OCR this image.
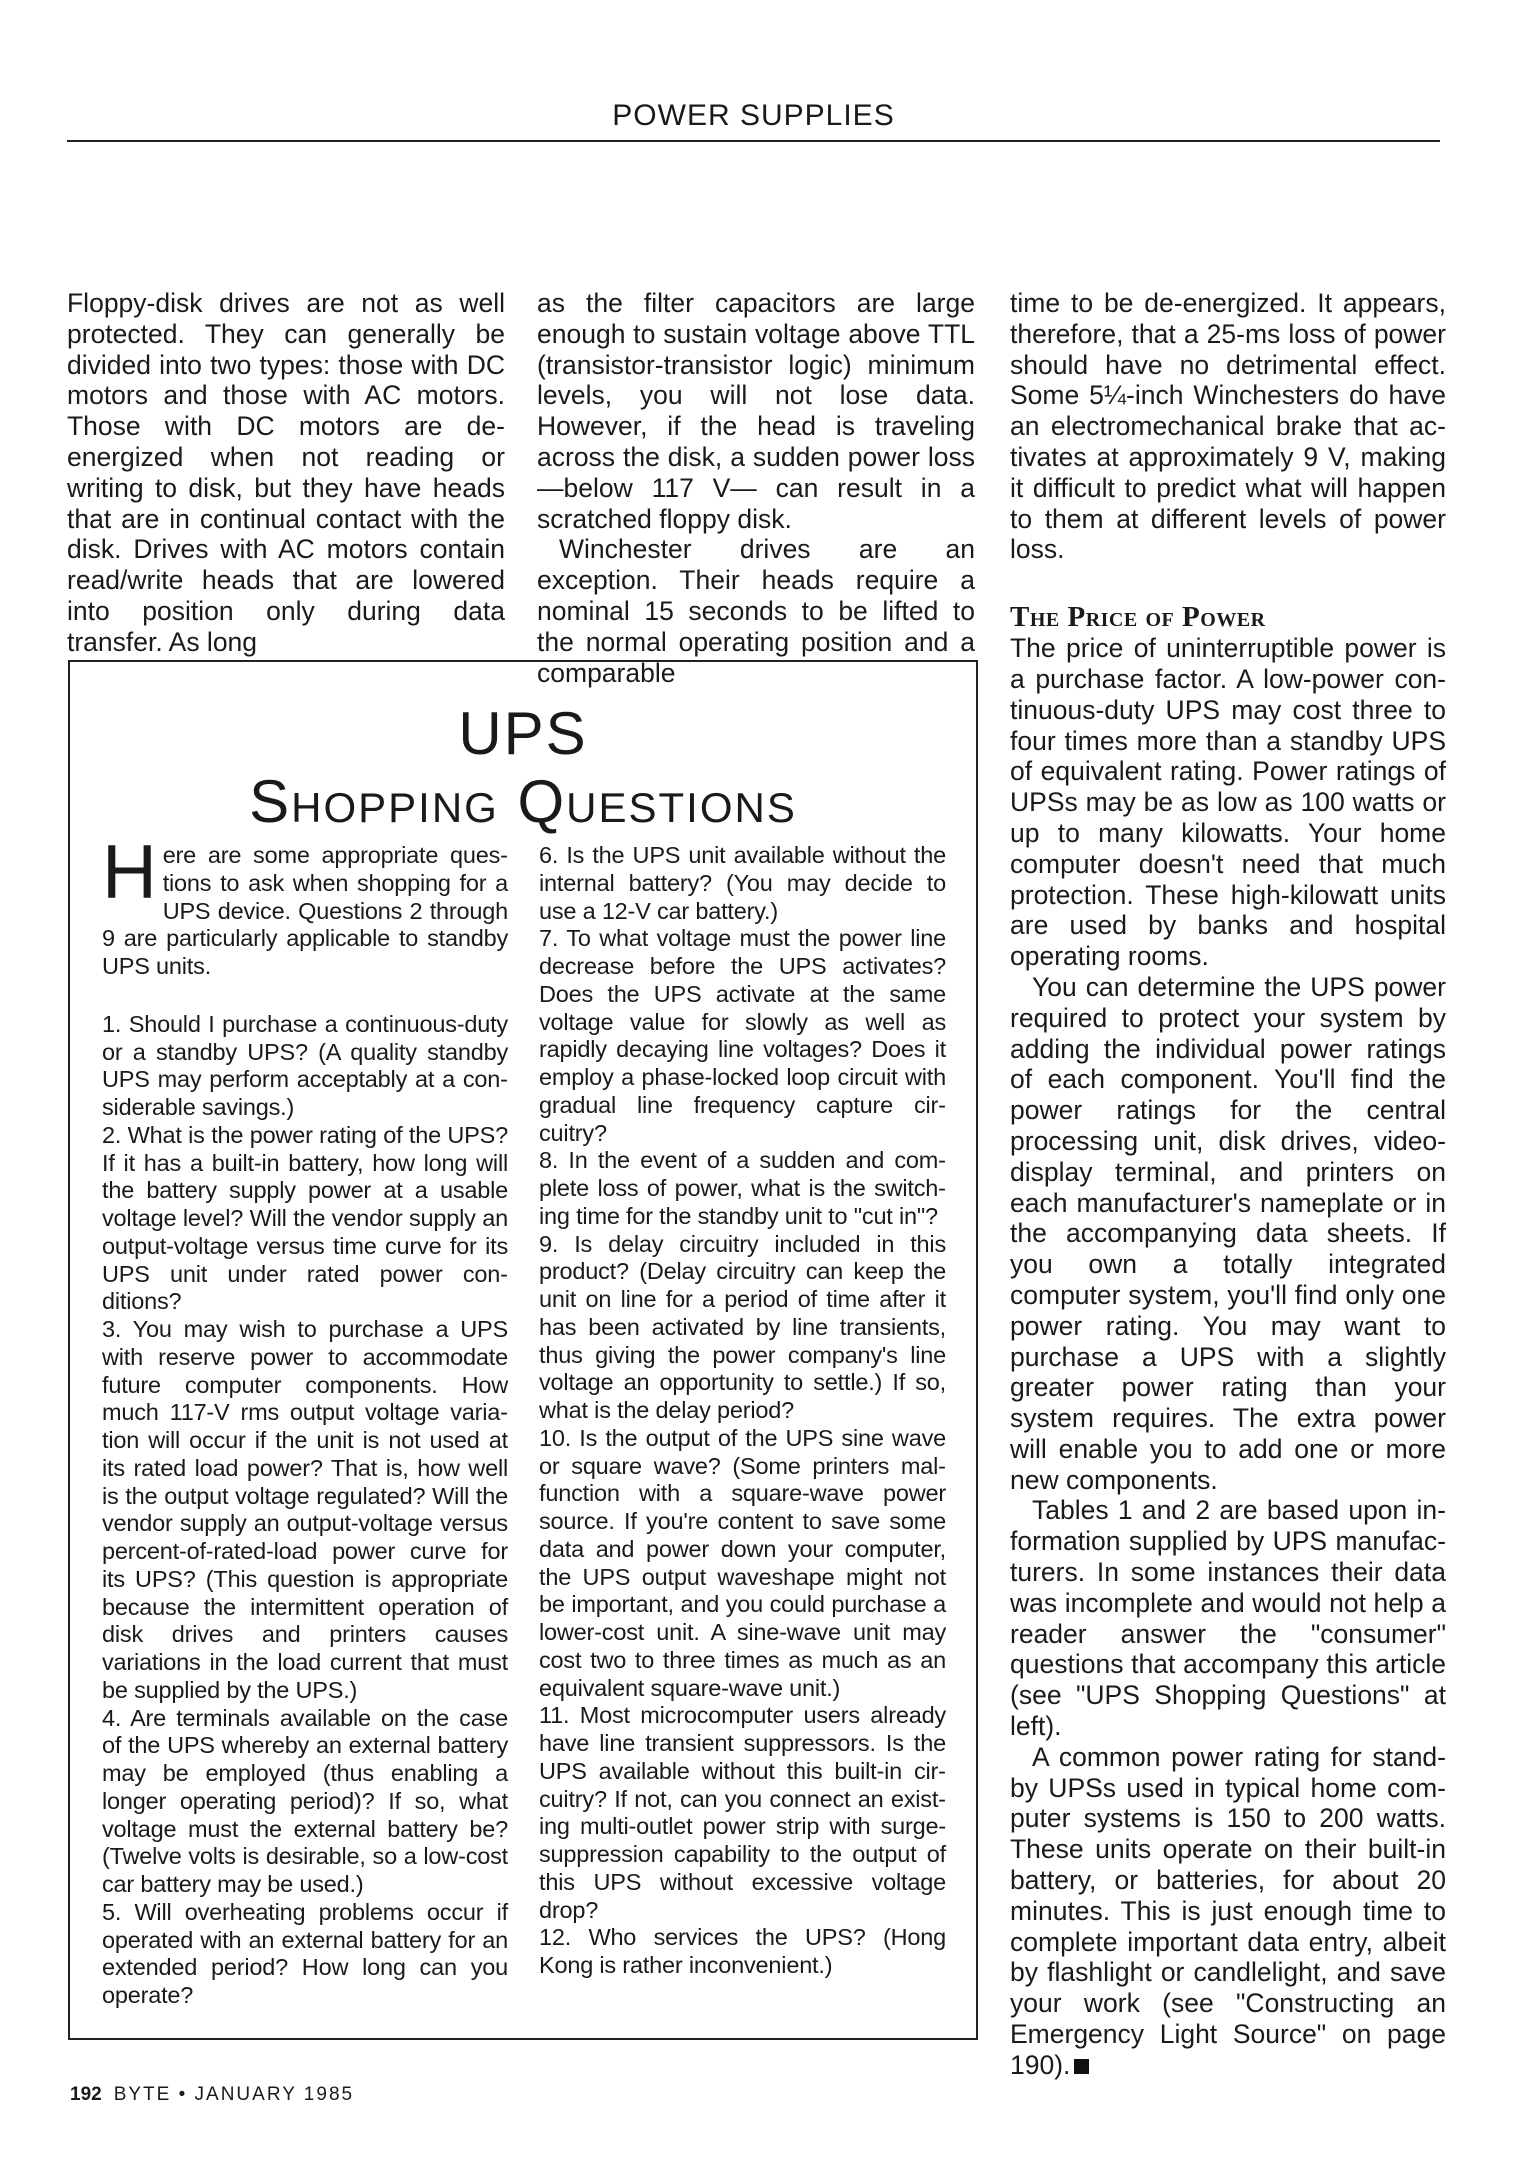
POWER SUPPLIES

Floppy-disk drives are not as well protected. They can generally be divided into two types: those with DC motors and those with AC motors. Those with DC motors are deenergized when not reading or writing to disk, but they have heads that are in continual contact with the disk. Drives with AC motors contain read/​write heads that are lowered into position only during data transfer. As long

as the filter capacitors are large enough to sustain voltage above TTL (transistor-transistor logic) minimum levels, you will not lose data. However, if the head is traveling across the disk, a sudden power loss—below 117 V— can result in a scratched floppy disk.

Winchester drives are an exception. Their heads require a nominal 15 seconds to be lifted to the normal operating position and a comparable

time to be de-energized. It appears, therefore, that a 25-ms loss of power should have no detrimental effect. Some 5¼-inch Winchesters do have an electromechanical brake that activates at approximately 9 V, making it difficult to predict what will happen to them at different levels of power loss.

The Price of Power

The price of uninterruptible power is a purchase factor. A low-power continuous-duty UPS may cost three to four times more than a standby UPS of equivalent rating. Power ratings of UPSs may be as low as 100 watts or up to many kilowatts. Your home computer doesn't need that much protection. These high-kilowatt units are used by banks and hospital operating rooms.

You can determine the UPS power required to protect your system by adding the individual power ratings of each component. You'll find the power ratings for the central processing unit, disk drives, video-display terminal, and printers on each manufacturer's nameplate or in the accompanying data sheets. If you own a totally integrated computer system, you'll find only one power rating. You may want to purchase a UPS with a slightly greater power rating than your system requires. The extra power will enable you to add one or more new components.

Tables 1 and 2 are based upon information supplied by UPS manufacturers. In some instances their data was incomplete and would not help a reader answer the "consumer" questions that accompany this article (see "UPS Shopping Questions" at left).

A common power rating for standby UPSs used in typical home computer systems is 150 to 200 watts. These units operate on their built-in battery, or batteries, for about 20 minutes. This is just enough time to complete important data entry, albeit by flashlight or candlelight, and save your work (see "Constructing an Emergency Light Source" on page 190).

UPS
Shopping Questions

Here are some appropriate questions to ask when shopping for a UPS device. Questions 2 through 9 are particularly applicable to standby UPS units.

1. Should I purchase a continuous-duty or a standby UPS? (A quality standby UPS may perform acceptably at a considerable savings.)

2. What is the power rating of the UPS? If it has a built-in battery, how long will the battery supply power at a usable voltage level? Will the vendor supply an output-voltage versus time curve for its UPS unit under rated power conditions?

3. You may wish to purchase a UPS with reserve power to accommodate future computer components. How much 117-V rms output voltage variation will occur if the unit is not used at its rated load power? That is, how well is the output voltage regulated? Will the vendor supply an output-voltage versus percent-of-rated-load power curve for its UPS? (This question is appropriate because the intermittent operation of disk drives and printers causes variations in the load current that must be supplied by the UPS.)

4. Are terminals available on the case of the UPS whereby an external battery may be employed (thus enabling a longer operating period)? If so, what voltage must the external battery be? (Twelve volts is desirable, so a low-cost car battery may be used.)

5. Will overheating problems occur if operated with an external battery for an extended period? How long can you operate?

6. Is the UPS unit available without the internal battery? (You may decide to use a 12-V car battery.)

7. To what voltage must the power line decrease before the UPS activates? Does the UPS activate at the same voltage value for slowly as well as rapidly decaying line voltages? Does it employ a phase-locked loop circuit with gradual line frequency capture circuitry?

8. In the event of a sudden and complete loss of power, what is the switching time for the standby unit to "cut in"?

9. Is delay circuitry included in this product? (Delay circuitry can keep the unit on line for a period of time after it has been activated by line transients, thus giving the power company's line voltage an opportunity to settle.) If so, what is the delay period?

10. Is the output of the UPS sine wave or square wave? (Some printers malfunction with a square-wave power source. If you're content to save some data and power down your computer, the UPS output waveshape might not be important, and you could purchase a lower-cost unit. A sine-wave unit may cost two to three times as much as an equivalent square-wave unit.)

11. Most microcomputer users already have line transient suppressors. Is the UPS available without this built-in circuitry? If not, can you connect an existing multi-outlet power strip with surge-suppression capability to the output of this UPS without excessive voltage drop?

12. Who services the UPS? (Hong Kong is rather inconvenient.)

192 BYTE • JANUARY 1985
